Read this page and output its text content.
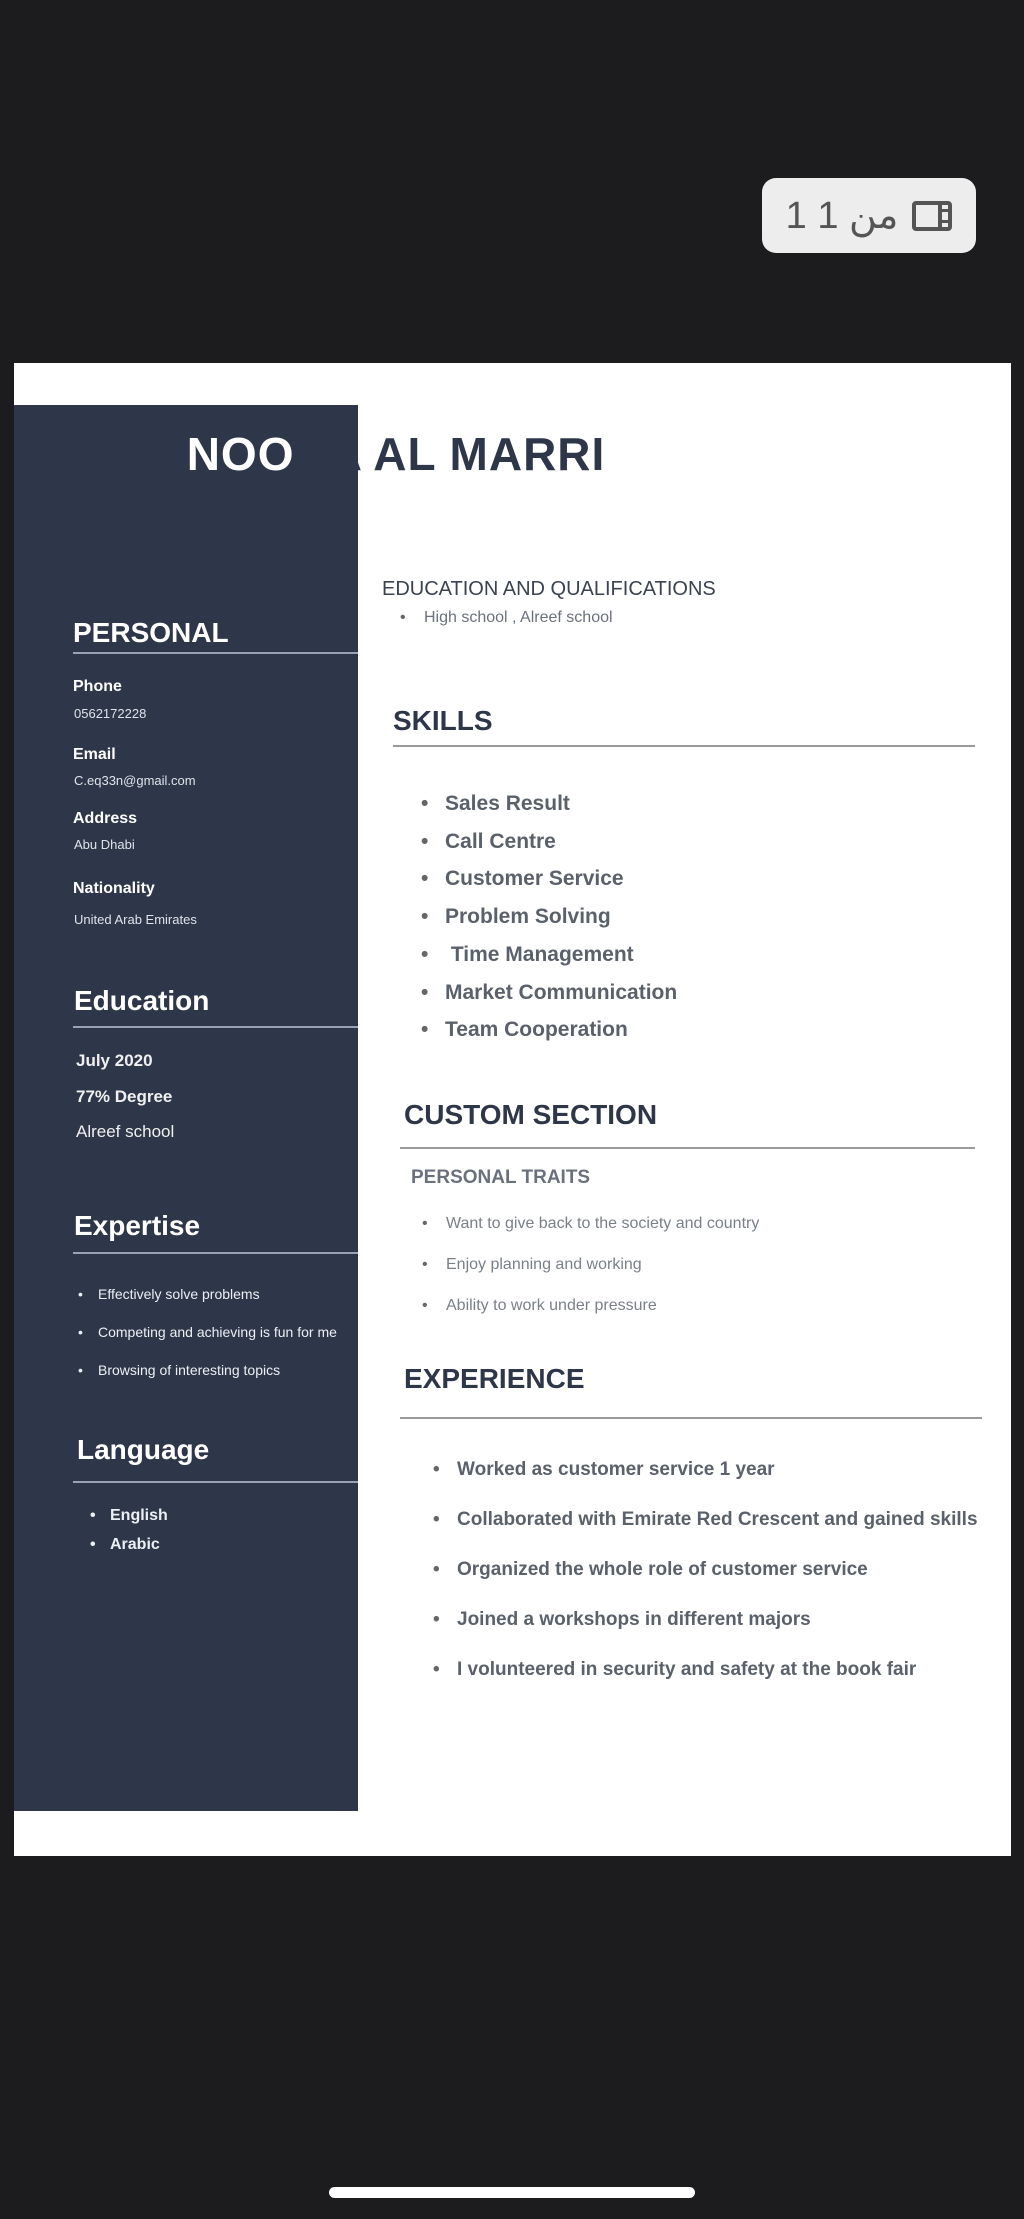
1 من 1
NOORA AL MARRI
PERSONAL
Phone
0562172228
Email
C.eq33n@gmail.com
Address
Abu Dhabi
Nationality
United Arab Emirates
Education
July 2020
77% Degree
Alreef school
Expertise
• Effectively solve problems
• Competing and achieving is fun for me
• Browsing of interesting topics
Language
• English
• Arabic
EDUCATION AND QUALIFICATIONS
• High school , Alreef school
SKILLS
• Sales Result
• Call Centre
• Customer Service
• Problem Solving
•  Time Management
• Market Communication
• Team Cooperation
CUSTOM SECTION
PERSONAL TRAITS
• Want to give back to the society and country
• Enjoy planning and working
• Ability to work under pressure
EXPERIENCE
• Worked as customer service 1 year
• Collaborated with Emirate Red Crescent and gained skills
• Organized the whole role of customer service
• Joined a workshops in different majors
• I volunteered in security and safety at the book fair
